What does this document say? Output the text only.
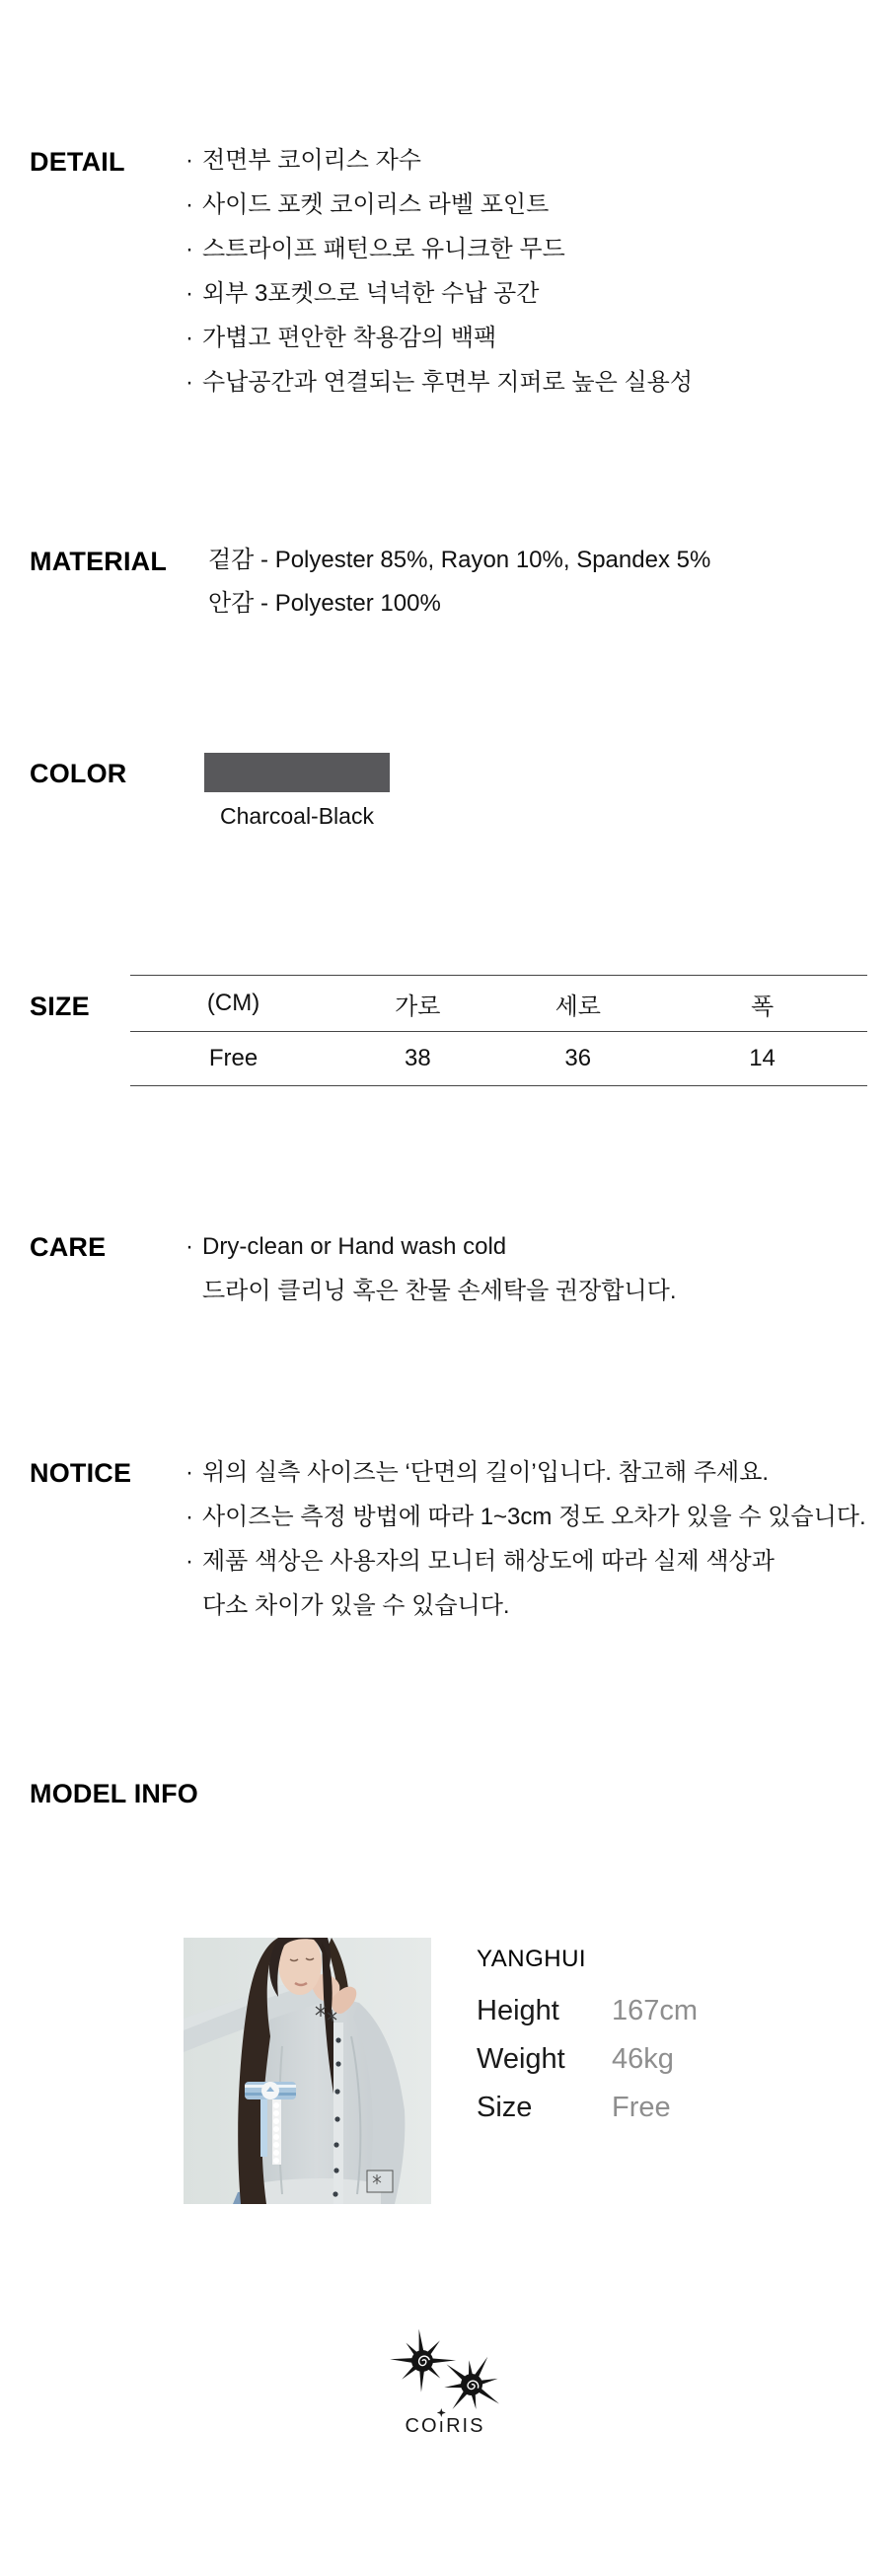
DETAIL	· 전면부 코이리스 자수
· 사이드 포켓 코이리스 라벨 포인트
· 스트라이프 패턴으로 유니크한 무드
· 외부 3포켓으로 넉넉한 수납 공간
· 가볍고 편안한 착용감의 백팩
· 수납공간과 연결되는 후면부 지퍼로 높은 실용성
MATERIAL 겉감 - Polyester 85%, Rayon 10%, Spandex 5%
안감 - Polyester 100%
COLOR
Charcoal-Black
SIZE	(CM)	가로	세로	폭
Free	38	36	14
CARE	· Dry-clean or Hand wash cold
드라이 클리닝 혹은 찬물 손세탁을 권장합니다.
NOTICE · 위의 실측 사이즈는 ‘단면의 길이’입니다. 참고해 주세요.
· 사이즈는 측정 방법에 따라 1~3cm 정도 오차가 있을 수 있습니다.
· 제품 색상은 사용자의 모니터 해상도에 따라 실제 색상과
다소 차이가 있을 수 있습니다.
MODEL INFO
YANGHUI
Height 167cm
Weight 46kg
Size	Free
CO
ıRIS
